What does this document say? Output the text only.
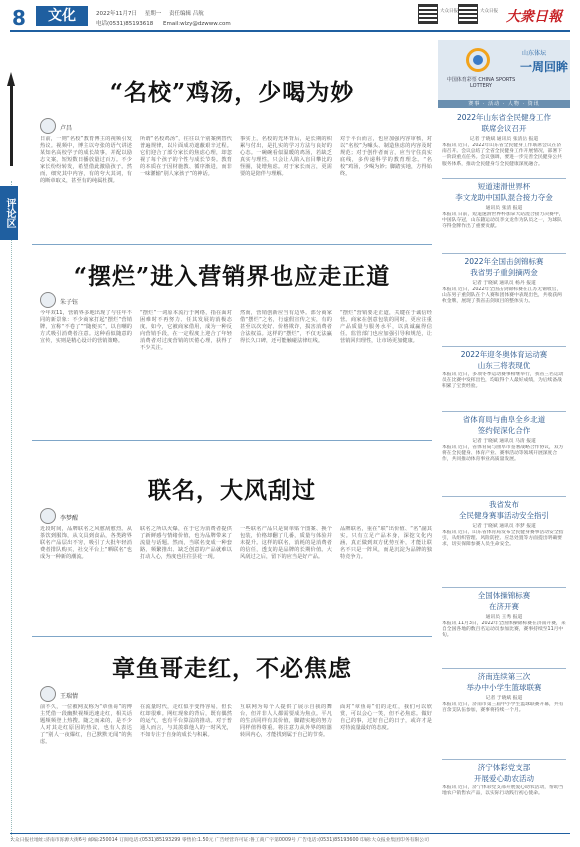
8	文化	2022年11月7日 星期一 责任编辑 吕航
电话(0531)85193618 Email:wlzy@dzwww.com
大众日报	大众日报 大衆日報
评论区
“名校”鸡汤，少喝为妙
卢昌
日前，一则“名校”教育博主的视频引发热议。视频中，博主以夸张的语气讲述某知名高校学子的成长故事，并配以励志文案，短短数日播放量过百万。不少家长纷纷转发，希望借此激励孩子。然而，细究其中内容，有的夸大其词，有的断章取义，甚至有的纯属杜撰。
所谓“名校鸡汤”，往往以个别案例替代普遍规律，以片面成功遮蔽艰辛过程。它们迎合了部分家长的焦虑心理，却忽视了每个孩子的个性与成长节奏。教育的本质在于因材施教、循序渐进，而非一味灌输“别人家孩子”的神话。
事实上，名校的光环背后，是长期的积累与付出，是扎实的学习方法与良好的心态。一碗碗看似温暖的鸡汤，若缺乏真实与理性，只会让人陷入盲目攀比的怪圈，徒增焦虑。对于家长而言，更需要的是陪伴与理解。
对于平台而言，也应加强内容审核，对以“名校”为噱头、制造焦虑的内容及时规范；对于创作者而言，应当守住真实底线，多传递科学的教育理念。“名校”鸡汤，少喝为妙；脚踏实地，方得始终。
“摆烂”进入营销界也应走正道
朱子钰
今年双11，营销界多地出现了与往年不同的新景象：不少商家打起“摆烂”营销牌，宣称“不卷了”“随便买”，以自嘲的方式吸引消费者注意。这种看似随意的宣传，实则是精心设计的营销策略。
“摆烂”一词原本流行于网络，指在面对困难时不再努力、任其发展的消极态度。如今，它被商家借用，成为一种反向营销手段，在一定程度上迎合了年轻消费者对过度营销的厌倦心理，获得了不少关注。
然而，营销创新应当有边界。部分商家借“摆烂”之名，行虚假宣传之实，有的甚至以次充好、价格欺诈，损害消费者合法权益。这样的“摆烂”，不仅无法赢得长久口碑，还可能触碰法律红线。
“摆烂”营销要走正道，关键在于诚信经营。商家在创意包装的同时，更应注重产品质量与服务水平，以真诚赢得信任。监管部门也应加强引导和规范，让营销回归理性，让市场更加健康。
联名，大风刮过
李梦醒
近段时间，品牌联名之风愈刮愈烈。从茶饮到服饰，从文具到食品，各类跨界联名产品层出不穷，吸引了大批年轻消费者排队购买，社交平台上“晒联名”也成为一种新的潮流。
联名之所以火爆，在于它为消费者提供了新鲜感与情绪价值，也为品牌带来了流量与话题。然而，当联名变成一种套路，频繁推出、缺乏创意的产品就难以打动人心，热度也往往昙花一现。
一些联名产品只是简单贴个图案、换个包装，价格却翻了几番，质量与体验并未提升。这样的联名，消耗的是消费者的信任，透支的是品牌的长期价值。大风刮过之后，留下的应当是好产品。
品牌联名，重在“联”出价值、“名”副其实。只有立足产品本身，深挖文化内涵，真正做到双方优势互补，才能让联名不只是一阵风，而是沉淀为品牌的独特竞争力。
章鱼哥走红，不必焦虑
王瑞情
前不久，一位被网友称为“章鱼哥”的博主凭借一段幽默视频迅速走红，相关话题频频登上热搜。随之而来的，是不少人对其走红原因的热议，也有人表达了“别人一夜爆红，自己默默无闻”的焦虑。
在流量时代，走红似乎变得容易，但长红却很难。网红现象的背后，既有偶然的运气，也有平台算法的推动。对于普通人而言，与其羡慕他人的一时风光，不如专注于自身的成长与积累。
互联网为每个人提供了展示自我的舞台，但并非人人都需要成为焦点。平凡的生活同样有其价值，脚踏实地的努力同样值得尊重。将注意力从外界的喧嚣转回内心，才能找到属于自己的节奏。
面对“章鱼哥”们的走红，我们可以欣赏，可以会心一笑，但不必焦虑。做好自己的事，过好自己的日子，或许才是对待流量最好的态度。
中国体育彩票 CHINA SPORTS LOTTERY
山东体坛
一周回眸
赛事 · 活动 · 人物 · 资讯
2022年山东省全民健身工作
联席会议召开
记者 于晓斌 通讯员 张清岳 报道
本报讯 近日，2022年山东省全民健身工作联席会议在济南召开。会议总结了全省全民健身工作开展情况，部署下一阶段重点任务。会议强调，要进一步完善全民健身公共服务体系，推动全民健身与全民健康深度融合。
短道速滑世界杯
李文龙助中国队混合接力夺金
通讯员 张清 报道
本报讯 日前，短道速滑世界杯加拿大站混合接力决赛中，中国队夺冠，山东籍运动员李文龙作为队员之一，为球队夺得金牌作出了重要贡献。
2022年全国击剑锦标赛
我省男子重剑摘两金
记者 于晓斌 通讯员 杨丹 报道
本报讯 近日，2022年全国击剑锦标赛在江苏无锡收官，山东男子重剑队在个人赛和团体赛中表现出色，共收获两枚金牌，展现了我省击剑项目的整体实力。
2022年迎冬奥体育运动赛
山东三将表现优
本报讯 近日，多项冬季运动赛事相继举行，我省三名运动员在比赛中发挥出色，均取得个人最好成绩，为后续备战积累了宝贵经验。
省体育局与曲阜全乡北道
签约促深化合作
记者 于晓斌 通讯员 马清 报道
本报讯 近日，省体育局与曲阜市签署战略合作协议，双方将在全民健身、体育产业、赛事活动等领域开展深度合作，共同推动体育事业高质量发展。
我省发布
全民健身赛事活动安全指引
记者 于晓斌 通讯员 李梦 报道
本报讯 近日，山东省体育局发布全民健身赛事活动安全指引，从组织管理、风险防控、应急处置等方面提出明确要求，切实保障参赛人员生命安全。
全国体操锦标赛
在济开赛
通讯员 王秀 报道
本报讯 11月3日，2022年全国体操锦标赛在济南开赛，来自全国各地的数百名运动员参加比赛，赛事持续至11月中旬。
济南连续第三次
举办中小学生篮球联赛
记者 于晓斌 报道
本报讯 近日，济南市第三届中小学生篮球联赛开幕，共有百余支队伍参加，赛事将持续一个月。
济宁体彩党支部
开展爱心助农活动
本报讯 近日，济宁体彩党支部开展爱心助农活动，帮助当地农户销售农产品，以实际行动践行初心使命。
大众日报社地址:济南市泺源大街6号 邮编:250014 订阅电话:(0531)85193299 零售价:1.50元 广告经营许可证:鲁工商广字第0009号 广告电话:(0531)85193600 印刷:大众报业集团印务有限公司
